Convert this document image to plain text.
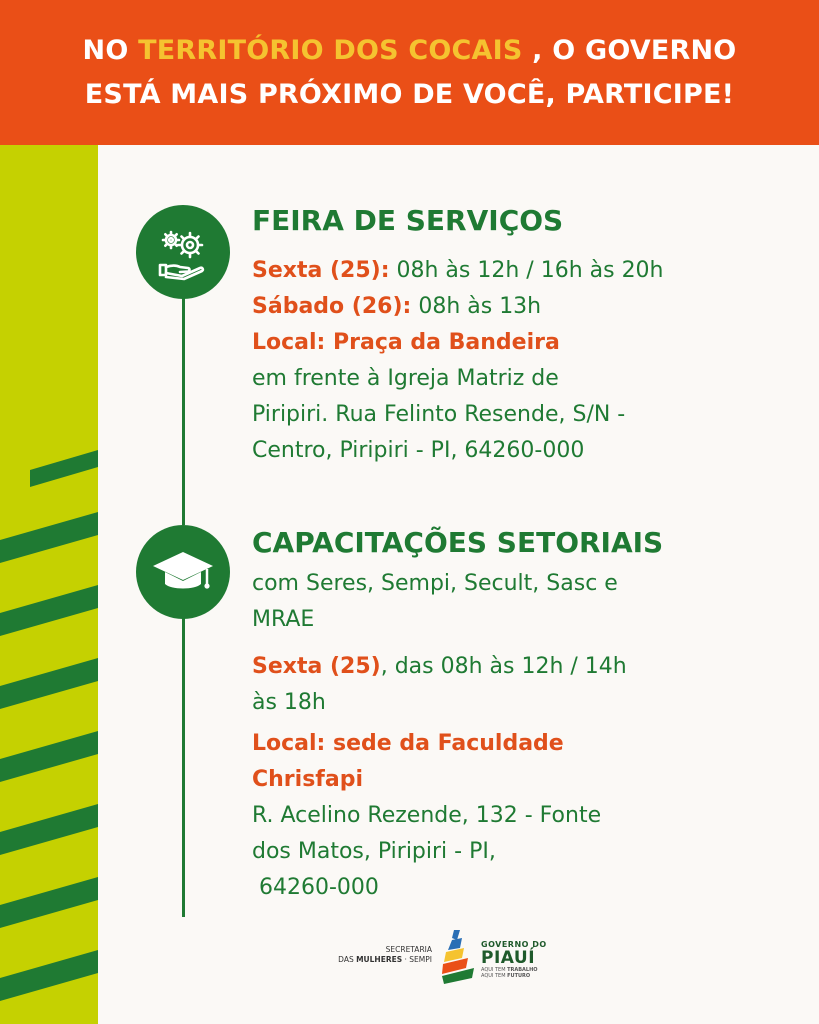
NO TERRITÓRIO DOS COCAIS , O GOVERNO
ESTÁ MAIS PRÓXIMO DE VOCÊ, PARTICIPE!
FEIRA DE SERVIÇOS
Sexta (25): 08h às 12h / 16h às 20h
Sábado (26): 08h às 13h
Local: Praça da Bandeira
em frente à Igreja Matriz de
Piripiri. Rua Felinto Resende, S/N -
Centro, Piripiri - PI, 64260-000
CAPACITAÇÕES SETORIAIS
com Seres, Sempi, Secult, Sasc e
MRAE
Sexta (25), das 08h às 12h / 14h
às 18h
Local: sede da Faculdade
Chrisfapi
R. Acelino Rezende, 132 - Fonte
dos Matos, Piripiri - PI,
64260-000
SECRETARIA
DAS MULHERES · SEMPI
GOVERNO DO
PIAUÍ
AQUI TEM TRABALHO
AQUI TEM FUTURO
